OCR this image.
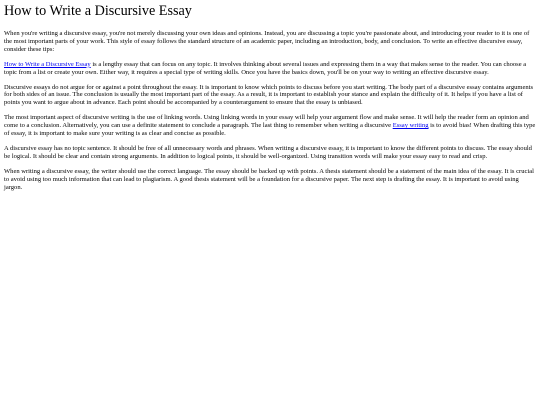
How to Write a Discursive Essay

When you're writing a discursive essay, you're not merely discussing your own ideas and opinions. Instead, you are discussing a topic you're passionate about, and introducing your reader to it is one of the most important parts of your work. This style of essay follows the standard structure of an academic paper, including an introduction, body, and conclusion. To write an effective discursive essay, consider these tips:

How to Write a Discursive Essay is a lengthy essay that can focus on any topic. It involves thinking about several issues and expressing them in a way that makes sense to the reader. You can choose a topic from a list or create your own. Either way, it requires a special type of writing skills. Once you have the basics down, you'll be on your way to writing an effective discursive essay.

Discursive essays do not argue for or against a point throughout the essay. It is important to know which points to discuss before you start writing. The body part of a discursive essay contains arguments for both sides of an issue. The conclusion is usually the most important part of the essay. As a result, it is important to establish your stance and explain the difficulty of it. It helps if you have a list of points you want to argue about in advance. Each point should be accompanied by a counterargument to ensure that the essay is unbiased.

The most important aspect of discursive writing is the use of linking words. Using linking words in your essay will help your argument flow and make sense. It will help the reader form an opinion and come to a conclusion. Alternatively, you can use a definite statement to conclude a paragraph. The last thing to remember when writing a discursive Essay writing is to avoid bias! When drafting this type of essay, it is important to make sure your writing is as clear and concise as possible.

A discursive essay has no topic sentence. It should be free of all unnecessary words and phrases. When writing a discursive essay, it is important to know the different points to discuss. The essay should be logical. It should be clear and contain strong arguments. In addition to logical points, it should be well-organized. Using transition words will make your essay easy to read and crisp.

When writing a discursive essay, the writer should use the correct language. The essay should be backed up with points. A thesis statement should be a statement of the main idea of the essay. It is crucial to avoid using too much information that can lead to plagiarism. A good thesis statement will be a foundation for a discursive paper. The next step is drafting the essay. It is important to avoid using jargon.
